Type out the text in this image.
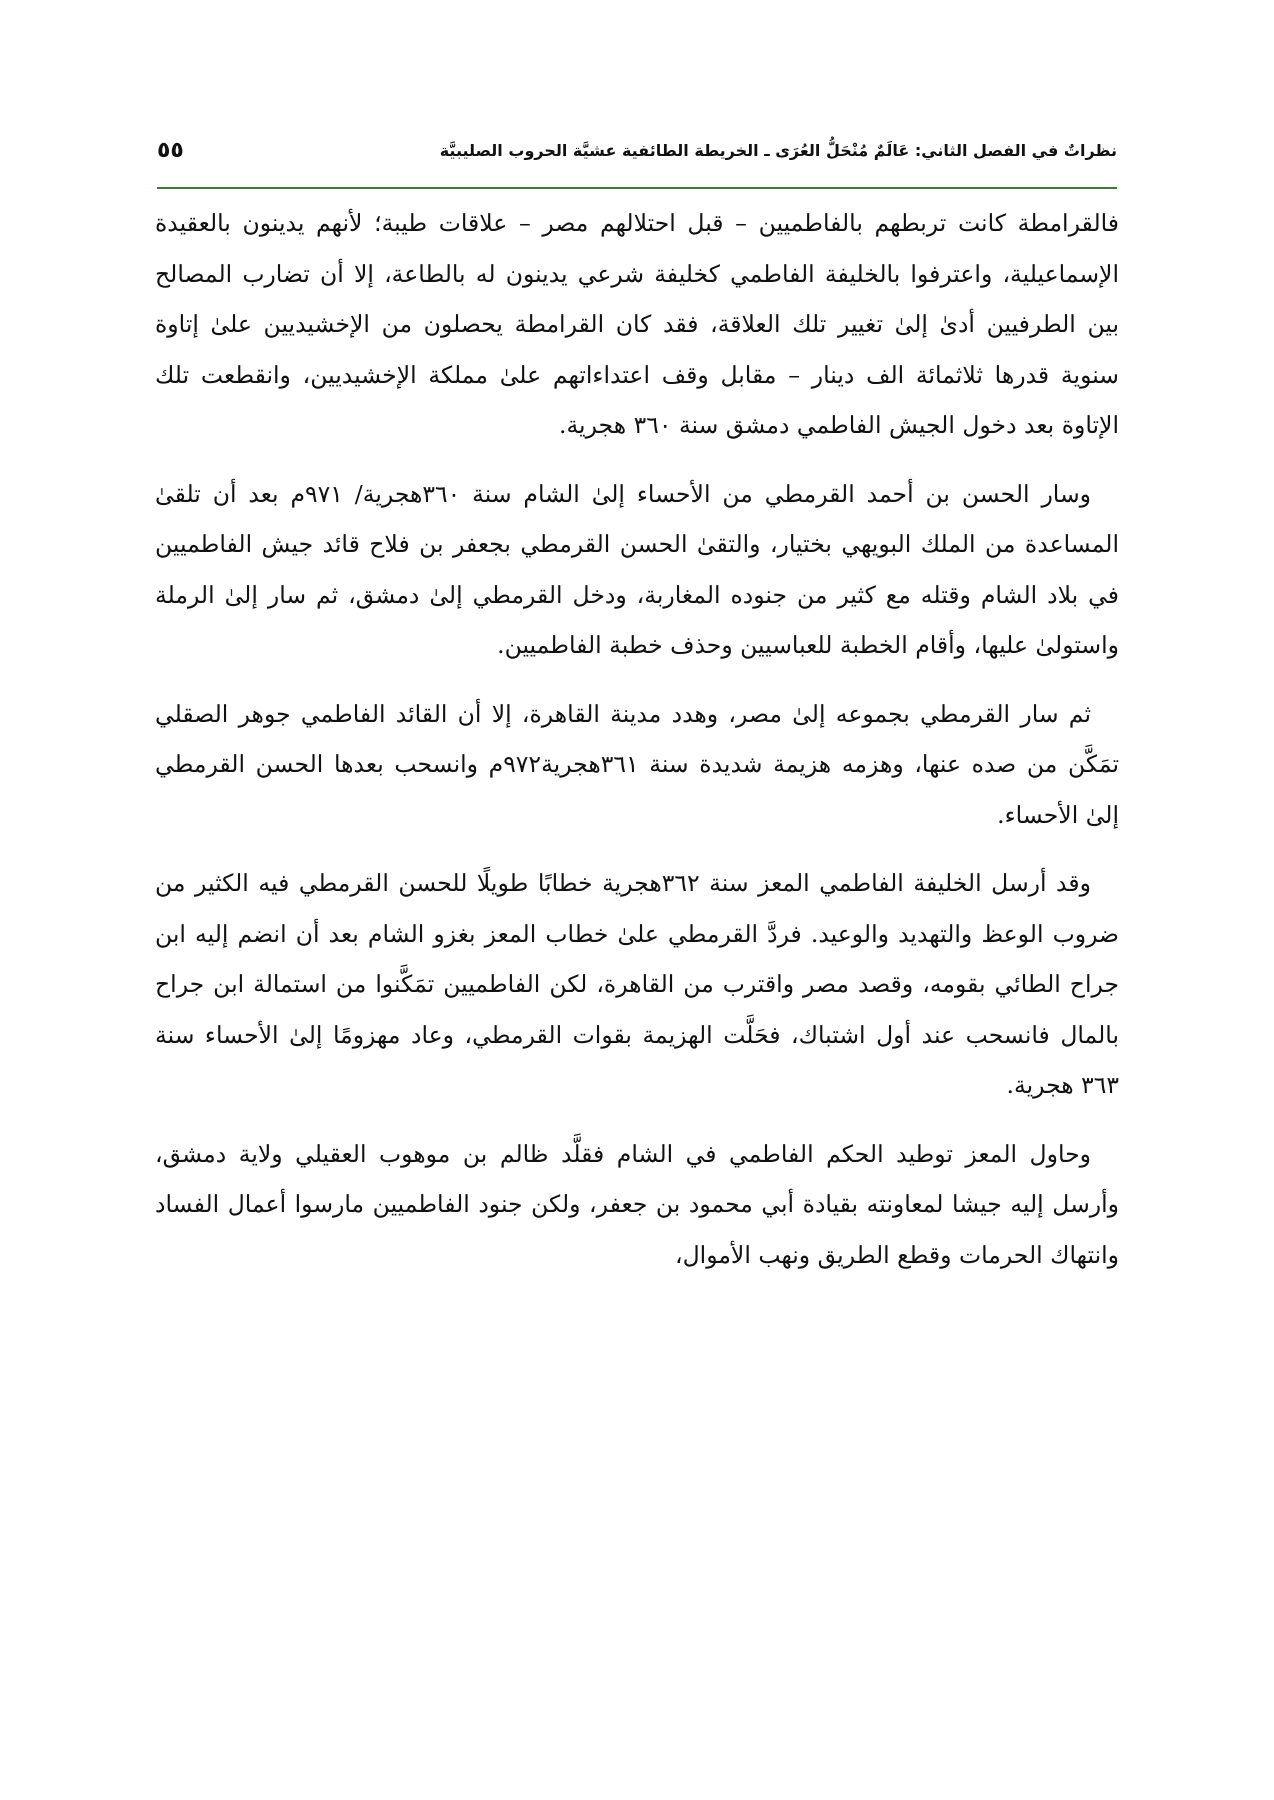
نظراتٌ في الفصل الثاني: عَالَمٌ مُنْحَلُّ العُرَى ـ الخريطة الطائفية عشيَّة الحروب الصليبيَّة
٥٥

فالقرامطة كانت تربطهم بالفاطميين – قبل احتلالهم مصر – علاقات طيبة؛ لأنهم يدينون بالعقيدة الإسماعيلية، واعترفوا بالخليفة الفاطمي كخليفة شرعي يدينون له بالطاعة، إلا أن تضارب المصالح بين الطرفيين أدىٰ إلىٰ تغيير تلك العلاقة، فقد كان القرامطة يحصلون من الإخشيديين علىٰ إتاوة سنوية قدرها ثلاثمائة الف دينار – مقابل وقف اعتداءاتهم علىٰ مملكة الإخشيديين، وانقطعت تلك الإتاوة بعد دخول الجيش الفاطمي دمشق سنة ٣٦٠ هجرية.

وسار الحسن بن أحمد القرمطي من الأحساء إلىٰ الشام سنة ٣٦٠هجرية/ ٩٧١م بعد أن تلقىٰ المساعدة من الملك البويهي بختيار، والتقىٰ الحسن القرمطي بجعفر بن فلاح قائد جيش الفاطميين في بلاد الشام وقتله مع كثير من جنوده المغاربة، ودخل القرمطي إلىٰ دمشق، ثم سار إلىٰ الرملة واستولىٰ عليها، وأقام الخطبة للعباسيين وحذف خطبة الفاطميين.

ثم سار القرمطي بجموعه إلىٰ مصر، وهدد مدينة القاهرة، إلا أن القائد الفاطمي جوهر الصقلي تمَكَّن من صده عنها، وهزمه هزيمة شديدة سنة ٣٦١هجرية٩٧٢م وانسحب بعدها الحسن القرمطي إلىٰ الأحساء.

وقد أرسل الخليفة الفاطمي المعز سنة ٣٦٢هجرية خطابًا طويلًا للحسن القرمطي فيه الكثير من ضروب الوعظ والتهديد والوعيد. فردَّ القرمطي علىٰ خطاب المعز بغزو الشام بعد أن انضم إليه ابن جراح الطائي بقومه، وقصد مصر واقترب من القاهرة، لكن الفاطميين تمَكَّنوا من استمالة ابن جراح بالمال فانسحب عند أول اشتباك، فحَلَّت الهزيمة بقوات القرمطي، وعاد مهزومًا إلىٰ الأحساء سنة ٣٦٣ هجرية.

وحاول المعز توطيد الحكم الفاطمي في الشام فقلَّد ظالم بن موهوب العقيلي ولاية دمشق، وأرسل إليه جيشا لمعاونته بقيادة أبي محمود بن جعفر، ولكن جنود الفاطميين مارسوا أعمال الفساد وانتهاك الحرمات وقطع الطريق ونهب الأموال،
